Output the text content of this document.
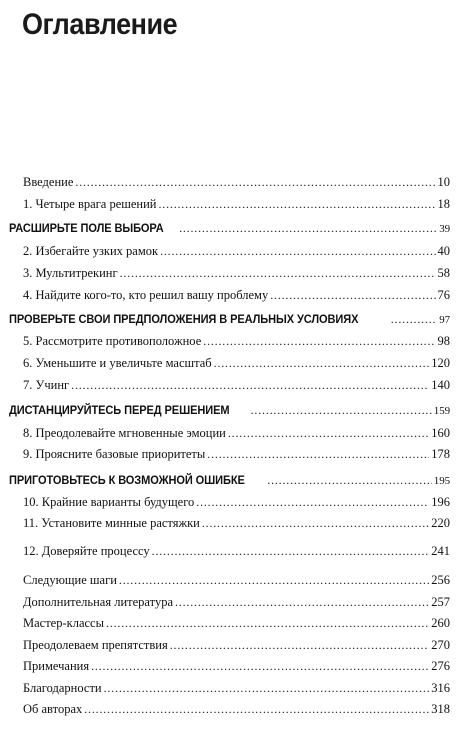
Оглавление
Введение . . .	10
1. Четыре врага решений . . .	18
РАСШИРЬТЕ ПОЛЕ ВЫБОРА . . .	39
2. Избегайте узких рамок . . .	40
3. Мультитрекинг . . .	58
4. Найдите кого-то, кто решил вашу проблему . . .	76
ПРОВЕРЬТЕ СВОИ ПРЕДПОЛОЖЕНИЯ В РЕАЛЬНЫХ УСЛОВИЯХ . . .	97
5. Рассмотрите противоположное . . .	98
6. Уменьшите и увеличьте масштаб . . .	120
7. Учинг . . .	140
ДИСТАНЦИРУЙТЕСЬ ПЕРЕД РЕШЕНИЕМ . . .	159
8. Преодолевайте мгновенные эмоции . . .	160
9. Проясните базовые приоритеты . . .	178
ПРИГОТОВЬТЕСЬ К ВОЗМОЖНОЙ ОШИБКЕ . . .	195
10. Крайние варианты будущего . . .	196
11. Установите минные растяжки . . .	220
12. Доверяйте процессу . . .	241
Следующие шаги . . .	256
Дополнительная литература . . .	257
Мастер-классы . . .	260
Преодолеваем препятствия . . .	270
Примечания . . .	276
Благодарности . . .	316
Об авторах . . .	318
